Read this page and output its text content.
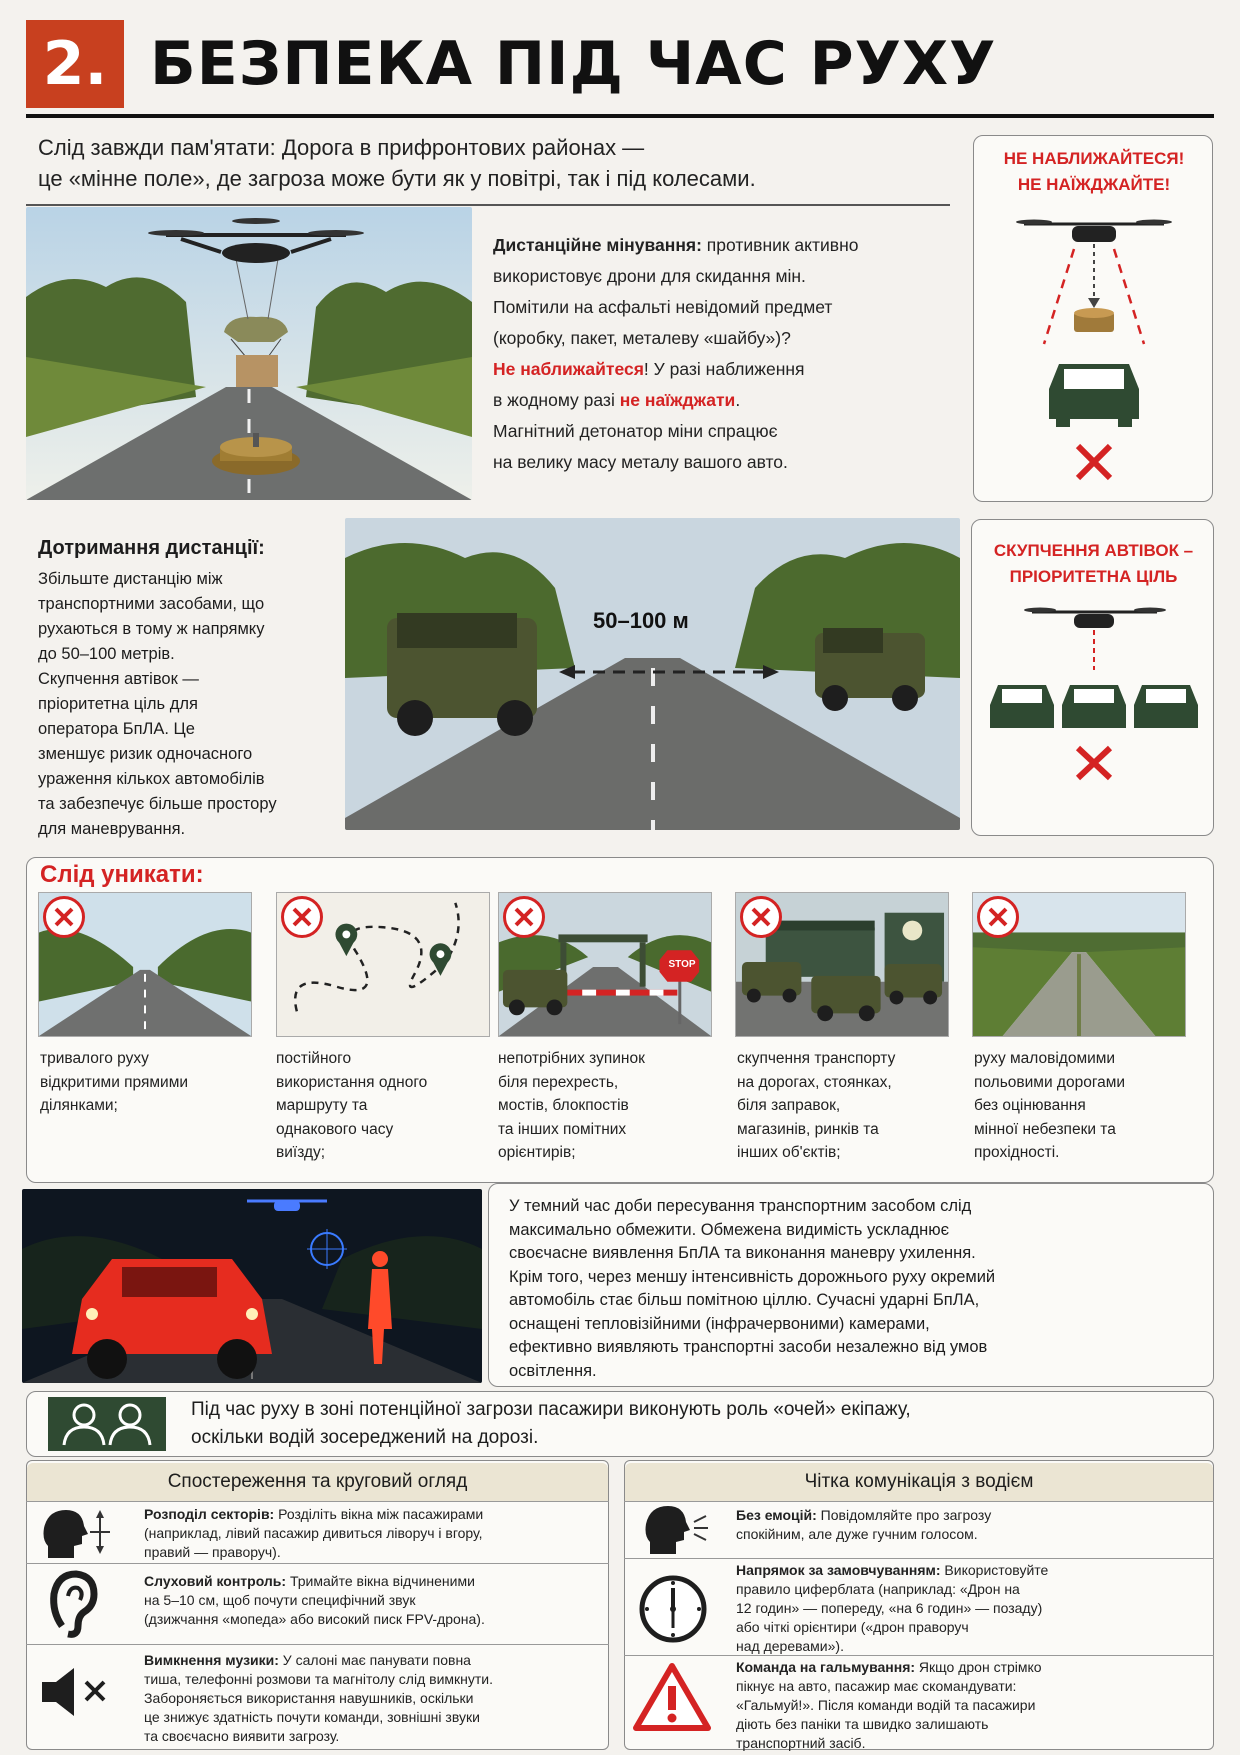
2. БЕЗПЕКА ПІД ЧАС РУХУ
Слід завжди пам'ятати: Дорога в прифронтових районах —
це «мінне поле», де загроза може бути як у повітрі, так і під колесами.
Дистанційне мінування: противник активно
використовує дрони для скидання мін.
Помітили на асфальті невідомий предмет
(коробку, пакет, металеву «шайбу»)?
Не наближайтеся! У разі наближення
в жодному разі не наїжджати.
Магнітний детонатор міни спрацює
на велику масу металу вашого авто.
НЕ НАБЛИЖАЙТЕСЯ!
НЕ НАЇЖДЖАЙТЕ!
Дотримання дистанції:
Збільште дистанцію між
транспортними засобами, що
рухаються в тому ж напрямку
до 50–100 метрів.
Скупчення автівок —
пріоритетна ціль для
оператора БпЛА. Це
зменшує ризик одночасного
ураження кількох автомобілів
та забезпечує більше простору
для маневрування.
50–100 м
СКУПЧЕННЯ АВТІВОК –
ПРІОРИТЕТНА ЦІЛЬ
Слід уникати:
STOP
тривалого руху
відкритими прямими
ділянками;
постійного
використання одного
маршруту та
однакового часу
виїзду;
непотрібних зупинок
біля перехресть,
мостів, блокпостів
та інших помітних
орієнтирів;
скупчення транспорту
на дорогах, стоянках,
біля заправок,
магазинів, ринків та
інших об'єктів;
руху маловідомими
польовими дорогами
без оцінювання
мінної небезпеки та
прохідності.
У темний час доби пересування транспортним засобом слід
максимально обмежити. Обмежена видимість ускладнює
своєчасне виявлення БпЛА та виконання маневру ухилення.
Крім того, через меншу інтенсивність дорожнього руху окремий
автомобіль стає більш помітною ціллю. Сучасні ударні БпЛА,
оснащені тепловізійними (інфрачервоними) камерами,
ефективно виявляють транспортні засоби незалежно від умов
освітлення.
Під час руху в зоні потенційної загрози пасажири виконують роль «очей» екіпажу,
оскільки водій зосереджений на дорозі.
Спостереження та круговий огляд
Розподіл секторів: Розділіть вікна між пасажирами
(наприклад, лівий пасажир дивиться ліворуч і вгору,
правий — праворуч).
Слуховий контроль: Тримайте вікна відчиненими
на 5–10 см, щоб почути специфічний звук
(дзижчання «мопеда» або високий писк FPV-дрона).
Вимкнення музики: У салоні має панувати повна
тиша, телефонні розмови та магнітолу слід вимкнути.
Забороняється використання навушників, оскільки
це знижує здатність почути команди, зовнішні звуки
та своєчасно виявити загрозу.
Чітка комунікація з водієм
Без емоцій: Повідомляйте про загрозу
спокійним, але дуже гучним голосом.
Напрямок за замовчуванням: Використовуйте
правило циферблата (наприклад: «Дрон на
12 годин» — попереду, «на 6 годин» — позаду)
або чіткі орієнтири («дрон праворуч
над деревами»).
Команда на гальмування: Якщо дрон стрімко
пікнує на авто, пасажир має скомандувати:
«Гальмуй!». Після команди водій та пасажири
діють без паніки та швидко залишають
транспортний засіб.
